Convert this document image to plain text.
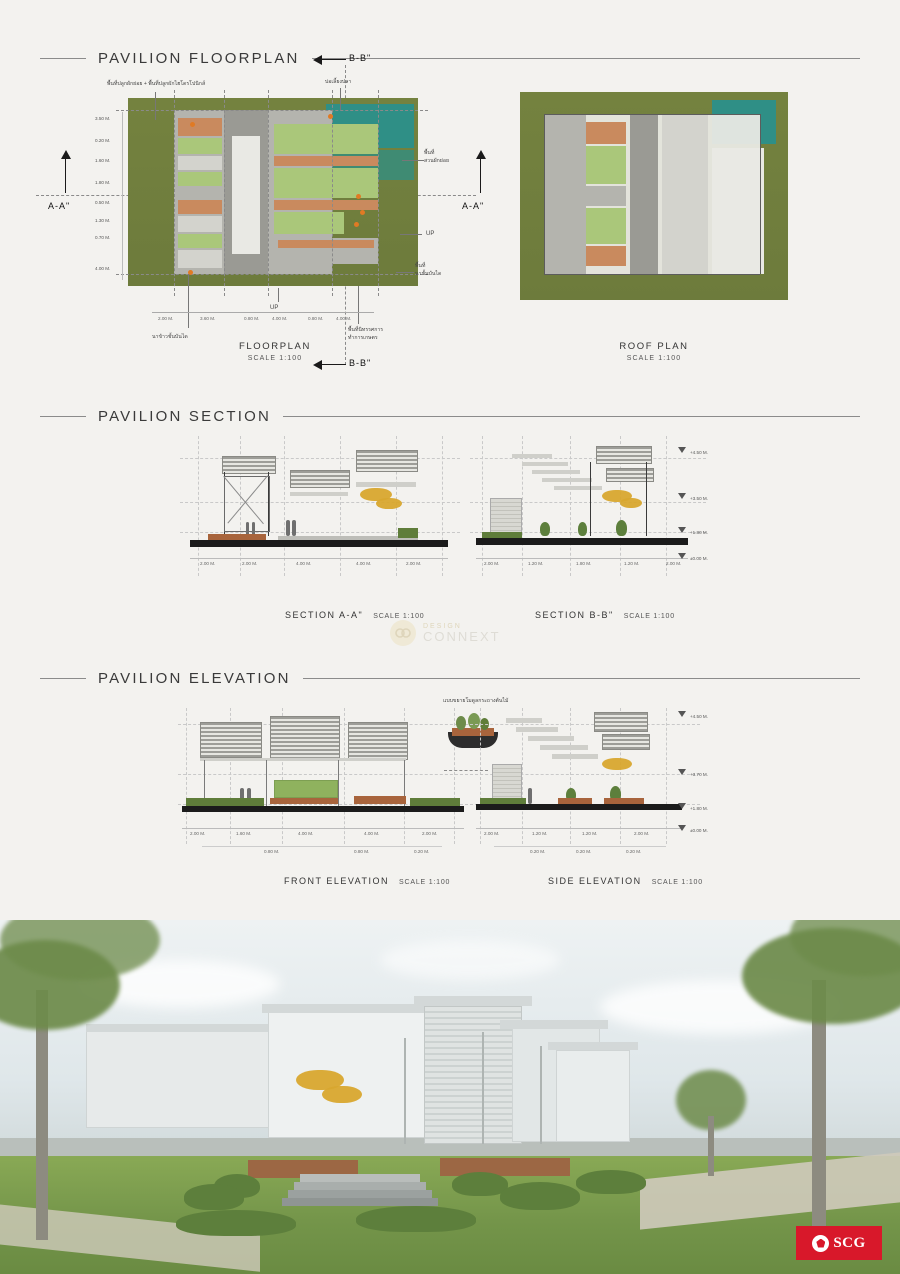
PAVILION FLOORPLAN	B-B"
B-B"
A-A"	A-A"
พื้นที่ปลูกผักย่อย + พื้นที่ปลูกผักไฮโดรโปนิกส์	บ่อเลี้ยงปลา
พื้นที่
สวนผักย่อย
UP
พื้นที่
นาชั้นบันได
UP
นาข้าวชั้นบันได
พื้นที่นิทรรศการ
ทำการเกษตร
3.50 M.
0.20 M.
1.60 M.
1.80 M.
0.50 M.
1.30 M.
0.70 M.
4.00 M.
2.00 M.	3.60 M.	0.80 M.	4.00 M.	0.80 M.	4.00 M.
FLOORPLAN
SCALE 1:100
ROOF PLAN
SCALE 1:100
PAVILION SECTION
2.00 M.	2.00 M.	4.00 M.	4.00 M.	2.00 M.	2.00 M.	1.20 M.	1.80 M.	1.20 M.	2.00 M.
+4.50 M.
+3.50 M.
+1.80 M.
±0.00 M.
SECTION A-A" SCALE 1:100	SECTION B-B" SCALE 1:100
DESIGN
CONNEXT
PAVILION ELEVATION
2.00 M.	1.60 M.	4.00 M.	4.00 M.	2.00 M.
0.80 M.	0.80 M.	0.20 M.
แบบขยายโมดูลกระถางต้นไม้
2.00 M.	1.20 M.	1.20 M.	2.00 M.
0.20 M.	0.20 M.	0.20 M.
+4.50 M.
+3.70 M.
+1.80 M.
±0.00 M.
FRONT ELEVATION SCALE 1:100	SIDE ELEVATION SCALE 1:100
SCG
